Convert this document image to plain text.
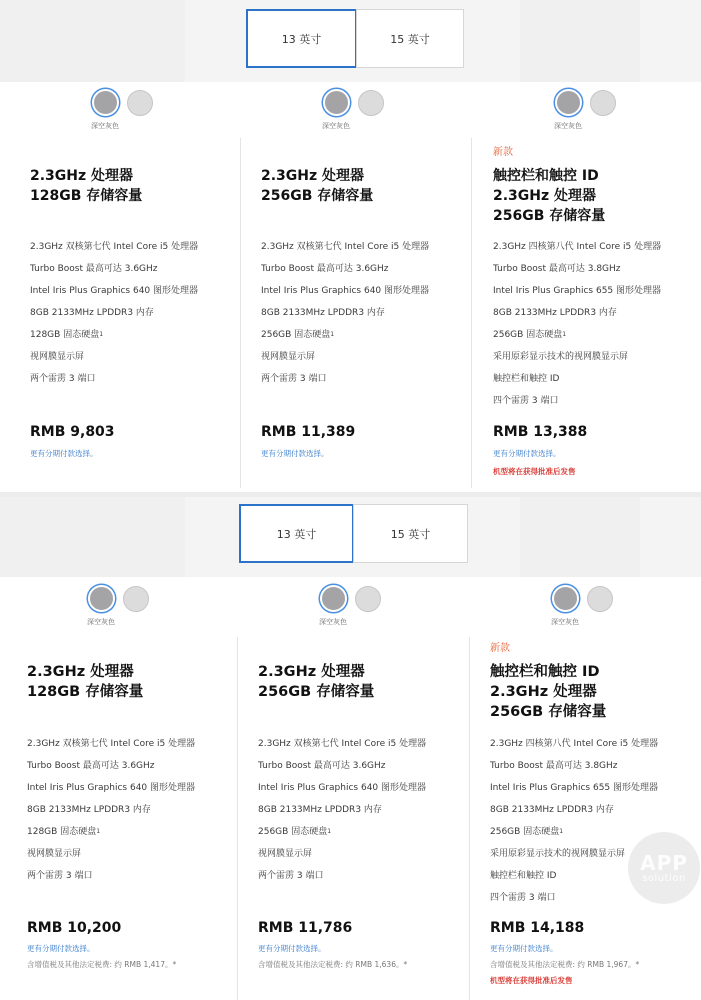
13 英寸	15 英寸
深空灰色
2.3GHz 处理器
128GB 存储容量
2.3GHz 双核第七代 Intel Core i5 处理器
Turbo Boost 最高可达 3.6GHz
Intel Iris Plus Graphics 640 图形处理器
8GB 2133MHz LPDDR3 内存
128GB 固态硬盘$^1$
视网膜显示屏
两个雷雳 3 端口
RMB 9,803
更有分期付款选择。
深空灰色
2.3GHz 处理器
256GB 存储容量
2.3GHz 双核第七代 Intel Core i5 处理器
Turbo Boost 最高可达 3.6GHz
Intel Iris Plus Graphics 640 图形处理器
8GB 2133MHz LPDDR3 内存
256GB 固态硬盘$^1$
视网膜显示屏
两个雷雳 3 端口
RMB 11,389
更有分期付款选择。
深空灰色
新款
触控栏和触控 ID
2.3GHz 处理器
256GB 存储容量
2.3GHz 四核第八代 Intel Core i5 处理器
Turbo Boost 最高可达 3.8GHz
Intel Iris Plus Graphics 655 图形处理器
8GB 2133MHz LPDDR3 内存
256GB 固态硬盘$^1$
采用原彩显示技术的视网膜显示屏
触控栏和触控 ID
四个雷雳 3 端口
RMB 13,388
更有分期付款选择。
机型将在获得批准后发售
13 英寸	15 英寸
深空灰色
2.3GHz 处理器
128GB 存储容量
2.3GHz 双核第七代 Intel Core i5 处理器
Turbo Boost 最高可达 3.6GHz
Intel Iris Plus Graphics 640 图形处理器
8GB 2133MHz LPDDR3 内存
128GB 固态硬盘$^1$
视网膜显示屏
两个雷雳 3 端口
RMB 10,200
更有分期付款选择。
含增值税及其他法定税费: 约 RMB 1,417。*
深空灰色
2.3GHz 处理器
256GB 存储容量
2.3GHz 双核第七代 Intel Core i5 处理器
Turbo Boost 最高可达 3.6GHz
Intel Iris Plus Graphics 640 图形处理器
8GB 2133MHz LPDDR3 内存
256GB 固态硬盘$^1$
视网膜显示屏
两个雷雳 3 端口
RMB 11,786
更有分期付款选择。
含增值税及其他法定税费: 约 RMB 1,636。*
深空灰色
新款
触控栏和触控 ID
2.3GHz 处理器
256GB 存储容量
2.3GHz 四核第八代 Intel Core i5 处理器
Turbo Boost 最高可达 3.8GHz
Intel Iris Plus Graphics 655 图形处理器
8GB 2133MHz LPDDR3 内存
256GB 固态硬盘$^1$
采用原彩显示技术的视网膜显示屏
触控栏和触控 ID
四个雷雳 3 端口
RMB 14,188
更有分期付款选择。
含增值税及其他法定税费: 约 RMB 1,967。*
机型将在获得批准后发售
APP
solution
